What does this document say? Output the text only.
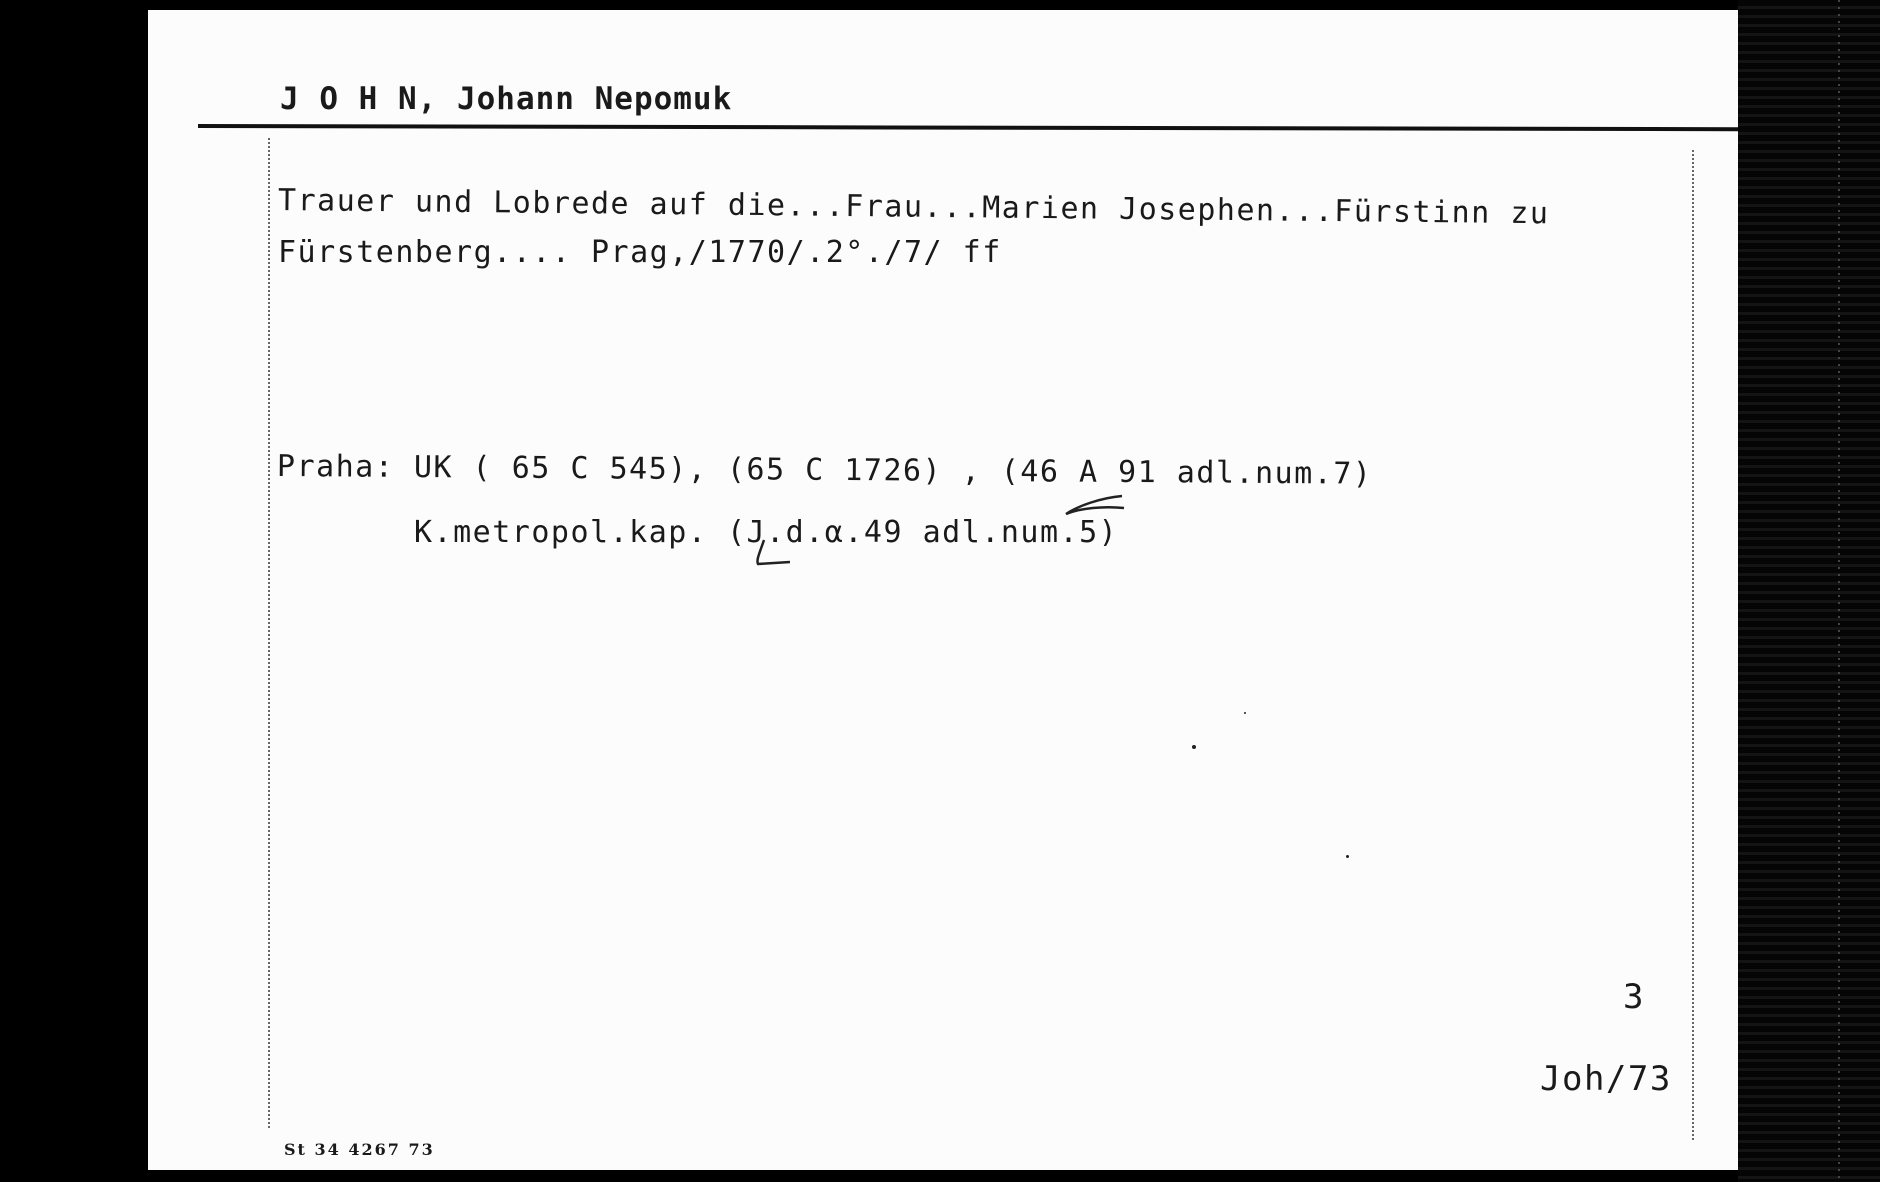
J O H N, Johann Nepomuk
Trauer und Lobrede auf die...Frau...Marien Josephen...Fürstinn zu
Fürstenberg.... Prag,/1770/.2°./7/ ff
Praha: UK ( 65 C 545), (65 C 1726) , (46 A 91 adl.num.7)
K.metropol.kap. (J.d.α.49 adl.num.5)
3
Joh/73
St 34 4267 73
